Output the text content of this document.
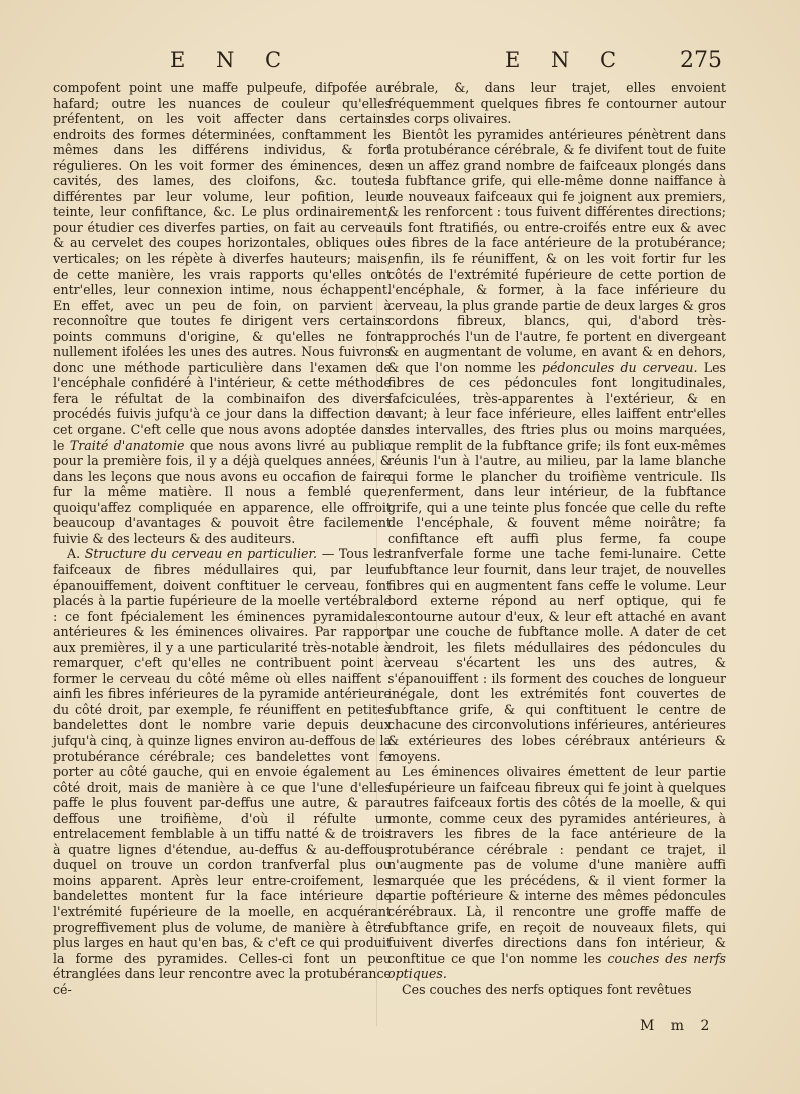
E N C	E N C 275

compofent point une maffe pulpeufe, difpofée au hafard; outre les nuances de couleur qu'elles préfentent, on les voit affecter dans certains endroits des formes déterminées, conftamment les mêmes dans les différens individus, & fort régulieres. On les voit former des éminences, des cavités, des lames, des cloifons, &c. toutes différentes par leur volume, leur pofition, leur teinte, leur confiftance, &c. Le plus ordinairement, pour étudier ces diverfes parties, on fait au cerveau & au cervelet des coupes horizontales, obliques ou verticales; on les répète à diverfes hauteurs; mais, de cette manière, les vrais rapports qu'elles ont entr'elles, leur connexion intime, nous échappent. En effet, avec un peu de foin, on parvient à reconnoître que toutes fe dirigent vers certains points communs d'origine, & qu'elles ne font nullement ifolées les unes des autres. Nous fuivrons donc une méthode particulière dans l'examen de l'encéphale confidéré à l'intérieur, & cette méthode fera le réfultat de la combinaifon des divers procédés fuivis jufqu'à ce jour dans la diffection de cet organe. C'eft celle que nous avons adoptée dans le Traité d'anatomie que nous avons livré au public pour la première fois, il y a déjà quelques années, & dans les leçons que nous avons eu occafion de faire fur la même matière. Il nous a femblé que, quoiqu'affez compliquée en apparence, elle offroit beaucoup d'avantages & pouvoit être facilement fuivie & des lecteurs & des auditeurs.

A. Structure du cerveau en particulier. — Tous les faifceaux de fibres médullaires qui, par leur épanouiffement, doivent conftituer le cerveau, font placés à la partie fupérieure de la moelle vertébrale : ce font fpécialement les éminences pyramidales antérieures & les éminences olivaires. Par rapport aux premières, il y a une particularité très-notable à remarquer, c'eft qu'elles ne contribuent point à former le cerveau du côté même où elles naiffent : ainfi les fibres inférieures de la pyramide antérieure du côté droit, par exemple, fe réuniffent en petites bandelettes dont le nombre varie depuis deux jufqu'à cinq, à quinze lignes environ au-deffous de la protubérance cérébrale; ces bandelettes vont fe porter au côté gauche, qui en envoie également au côté droit, mais de manière à ce que l'une d'elles paffe le plus fouvent par-deffus une autre, & par-deffous une troifième, d'où il réfulte un entrelacement femblable à un tiffu natté & de trois à quatre lignes d'étendue, au-deffus & au-deffous duquel on trouve un cordon tranfverfal plus ou moins apparent. Après leur entre-croifement, les bandelettes montent fur la face intérieure de l'extrémité fupérieure de la moelle, en acquérant progreffivement plus de volume, de manière à être plus larges en haut qu'en bas, & c'eft ce qui produit la forme des pyramides. Celles-ci font un peu étranglées dans leur rencontre avec la protubérance cé-

rébrale, &, dans leur trajet, elles envoient fréquemment quelques fibres fe contourner autour des corps olivaires.

Bientôt les pyramides antérieures pénètrent dans la protubérance cérébrale, & fe divifent tout de fuite en un affez grand nombre de faifceaux plongés dans la fubftance grife, qui elle-même donne naiffance à de nouveaux faifceaux qui fe joignent aux premiers, & les renforcent : tous fuivent différentes directions; ils font ftratifiés, ou entre-croifés entre eux & avec les fibres de la face antérieure de la protubérance; enfin, ils fe réuniffent, & on les voit fortir fur les côtés de l'extrémité fupérieure de cette portion de l'encéphale, & former, à la face inférieure du cerveau, la plus grande partie de deux larges & gros cordons fibreux, blancs, qui, d'abord très-rapprochés l'un de l'autre, fe portent en divergeant & en augmentant de volume, en avant & en dehors, & que l'on nomme les pédoncules du cerveau. Les fibres de ces pédoncules font longitudinales, fafciculées, très-apparentes à l'extérieur, & en avant; à leur face inférieure, elles laiffent entr'elles des intervalles, des ftries plus ou moins marquées, que remplit de la fubftance grife; ils font eux-mêmes réunis l'un à l'autre, au milieu, par la lame blanche qui forme le plancher du troifième ventricule. Ils renferment, dans leur intérieur, de la fubftance grife, qui a une teinte plus foncée que celle du refte de l'encéphale, & fouvent même noirâtre; fa confiftance eft auffi plus ferme, fa coupe tranfverfale forme une tache femi-lunaire. Cette fubftance leur fournit, dans leur trajet, de nouvelles fibres qui en augmentent fans ceffe le volume. Leur bord externe répond au nerf optique, qui fe contourne autour d'eux, & leur eft attaché en avant par une couche de fubftance molle. A dater de cet endroit, les filets médullaires des pédoncules du cerveau s'écartent les uns des autres, & s'épanouiffent : ils forment des couches de longueur inégale, dont les extrémités font couvertes de fubftance grife, & qui conftituent le centre de chacune des circonvolutions inférieures, antérieures & extérieures des lobes cérébraux antérieurs & moyens.

Les éminences olivaires émettent de leur partie fupérieure un faifceau fibreux qui fe joint à quelques autres faifceaux fortis des côtés de la moelle, & qui monte, comme ceux des pyramides antérieures, à travers les fibres de la face antérieure de la protubérance cérébrale : pendant ce trajet, il n'augmente pas de volume d'une manière auffi marquée que les précédens, & il vient former la partie poftérieure & interne des mêmes pédoncules cérébraux. Là, il rencontre une groffe maffe de fubftance grife, en reçoit de nouveaux filets, qui fuivent diverfes directions dans fon intérieur, & conftitue ce que l'on nomme les couches des nerfs optiques.

Ces couches des nerfs optiques font revêtues

M m 2
